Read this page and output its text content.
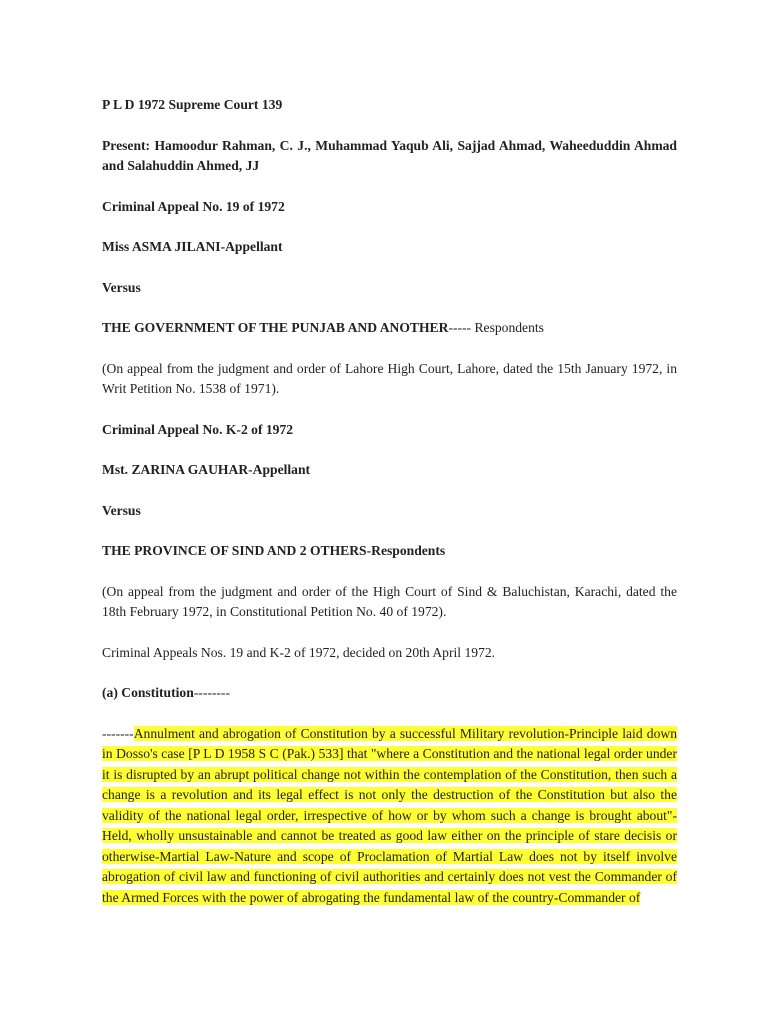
P L D 1972 Supreme Court 139

Present: Hamoodur Rahman, C. J., Muhammad Yaqub Ali, Sajjad Ahmad, Waheeduddin Ahmad and Salahuddin Ahmed, JJ

Criminal Appeal No. 19 of 1972

Miss ASMA JILANI-Appellant

Versus

THE GOVERNMENT OF THE PUNJAB AND ANOTHER----- Respondents

(On appeal from the judgment and order of Lahore High Court, Lahore, dated the 15th January 1972, in Writ Petition No. 1538 of 1971).

Criminal Appeal No. K-2 of 1972

Mst. ZARINA GAUHAR-Appellant

Versus

THE PROVINCE OF SIND AND 2 OTHERS-Respondents

(On appeal from the judgment and order of the High Court of Sind & Baluchistan, Karachi, dated the 18th February 1972, in Constitutional Petition No. 40 of 1972).

Criminal Appeals Nos. 19 and K-2 of 1972, decided on 20th April 1972.

(a) Constitution--------

-------Annulment and abrogation of Constitution by a successful Military revolution-Principle laid down in Dosso's case [P L D 1958 S C (Pak.) 533] that "where a Constitution and the national legal order under it is disrupted by an abrupt political change not within the contemplation of the Constitution, then such a change is a revolution and its legal effect is not only the destruction of the Constitution but also the validity of the national legal order, irrespective of how or by whom such a change is brought about"-Held, wholly unsustainable and cannot be treated as good law either on the principle of stare decisis or otherwise-Martial Law-Nature and scope of Proclamation of Martial Law does not by itself involve abrogation of civil law and functioning of civil authorities and certainly does not vest the Commander of the Armed Forces with the power of abrogating the fundamental law of the country-Commander of
